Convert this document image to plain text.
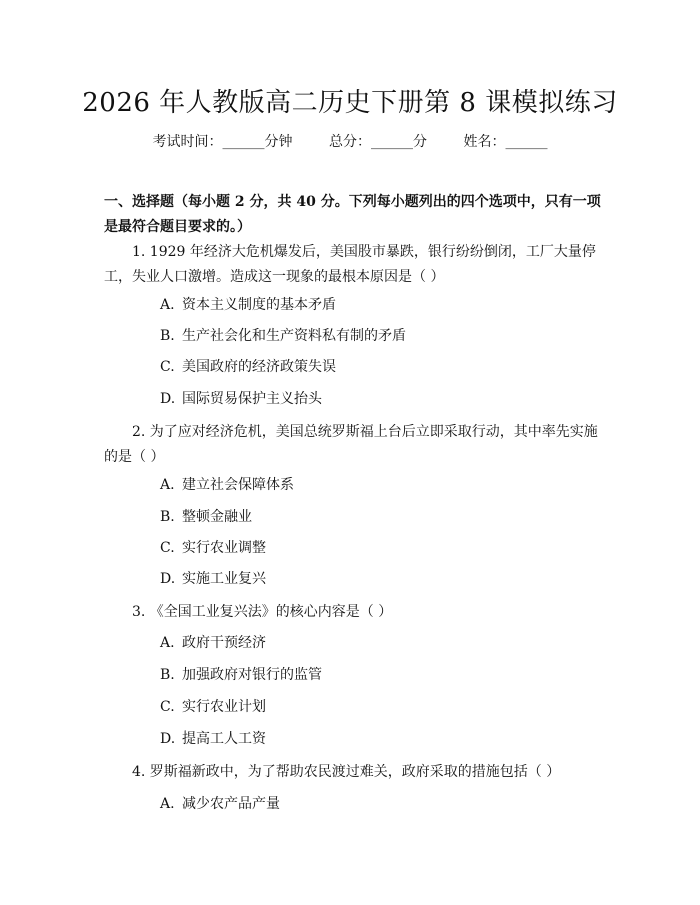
2026 年人教版高二历史下册第 8 课模拟练习
考试时间：______分钟	总分：______分	姓名：______
一、选择题（每小题 2 分，共 40 分。下列每小题列出的四个选项中，只有一项是最符合题目要求的。）
1. 1929 年经济大危机爆发后，美国股市暴跌，银行纷纷倒闭，工厂大量停工，失业人口激增。造成这一现象的最根本原因是（ ）
A. 资本主义制度的基本矛盾
B. 生产社会化和生产资料私有制的矛盾
C. 美国政府的经济政策失误
D. 国际贸易保护主义抬头
2. 为了应对经济危机，美国总统罗斯福上台后立即采取行动，其中率先实施的是（ ）
A. 建立社会保障体系
B. 整顿金融业
C. 实行农业调整
D. 实施工业复兴
3. 《全国工业复兴法》的核心内容是（ ）
A. 政府干预经济
B. 加强政府对银行的监管
C. 实行农业计划
D. 提高工人工资
4. 罗斯福新政中，为了帮助农民渡过难关，政府采取的措施包括（ ）
A. 减少农产品产量
